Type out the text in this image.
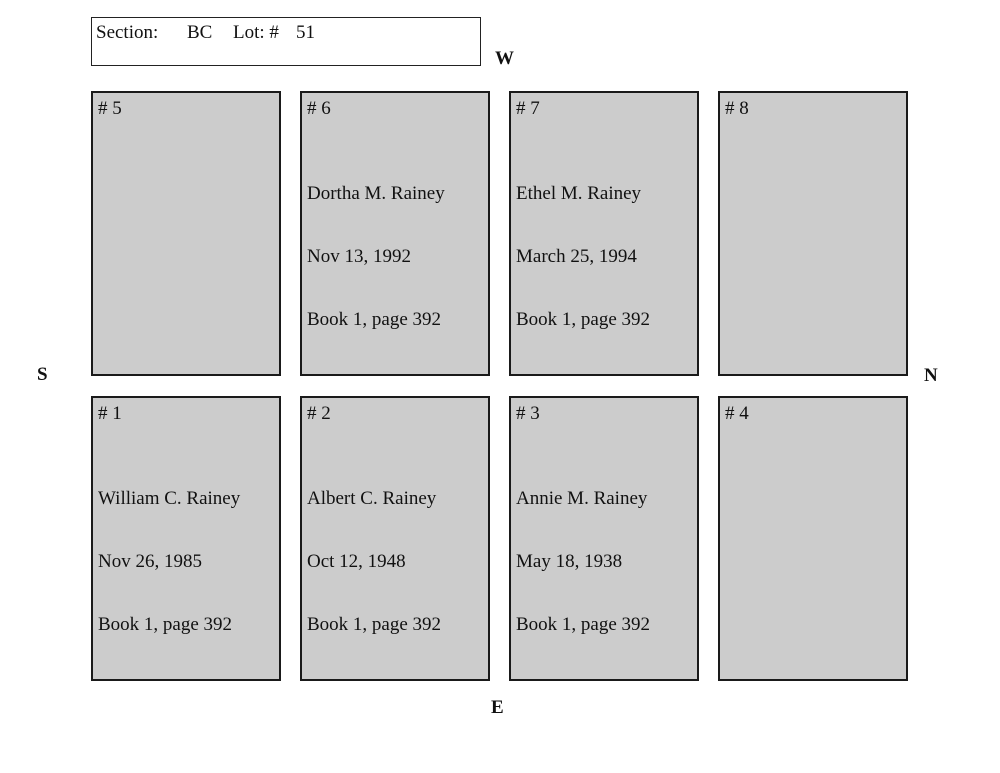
Section: BC Lot: # 51
W
S	N
E
# 5

	# 6

Dortha M. Rainey

Nov 13, 1992

Book 1, page 392

# 7

Ethel M. Rainey

March 25, 1994

Book 1, page 392

# 8

# 1

William C. Rainey

Nov 26, 1985

Book 1, page 392

# 2

Albert C. Rainey

Oct 12, 1948

Book 1, page 392

# 3

Annie M. Rainey

May 18, 1938

Book 1, page 392

# 4
